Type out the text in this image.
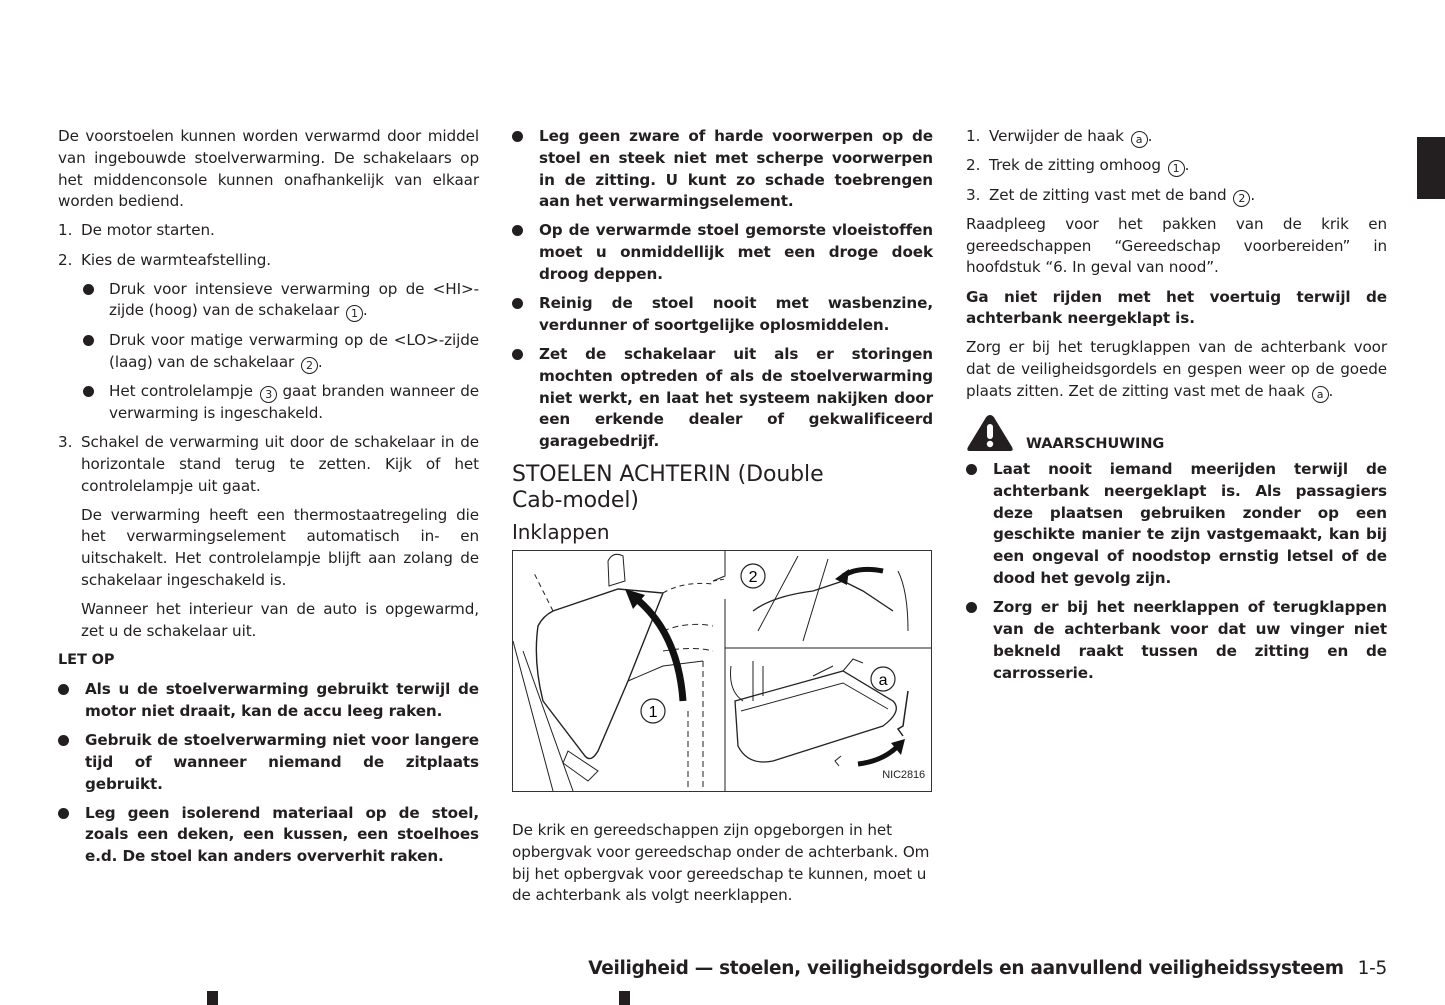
De voorstoelen kunnen worden verwarmd door middel van ingebouwde stoelverwarming. De schakelaars op het middenconsole kunnen onafhankelijk van elkaar worden bediend.

1. De motor starten.
2. Kies de warmteafstelling.
Druk voor intensieve verwarming op de <HI>-zijde (hoog) van de schakelaar 1 .
Druk voor matige verwarming op de <LO>-zijde (laag) van de schakelaar 2 .
Het controlelampje 3 gaat branden wanneer de verwarming is ingeschakeld.
3. Schakel de verwarming uit door de schakelaar in de horizontale stand terug te zetten. Kijk of het controlelampje uit gaat.

De verwarming heeft een thermostaatregeling die het verwarmingselement automatisch in- en uitschakelt. Het controlelampje blijft aan zolang de schakelaar ingeschakeld is.

Wanneer het interieur van de auto is opgewarmd, zet u de schakelaar uit.

LET OP

Als u de stoelverwarming gebruikt terwijl de motor niet draait, kan de accu leeg raken.
Gebruik de stoelverwarming niet voor langere tijd of wanneer niemand de zitplaats gebruikt.
Leg geen isolerend materiaal op de stoel, zoals een deken, een kussen, een stoelhoes e.d. De stoel kan anders oververhit raken.
Leg geen zware of harde voorwerpen op de stoel en steek niet met scherpe voorwerpen in de zitting. U kunt zo schade toebrengen aan het verwarmingselement.
Op de verwarmde stoel gemorste vloeistoffen moet u onmiddellijk met een droge doek droog deppen.
Reinig de stoel nooit met wasbenzine, verdunner of soortgelijke oplosmiddelen.
Zet de schakelaar uit als er storingen mochten optreden of als de stoelverwarming niet werkt, en laat het systeem nakijken door een erkende dealer of gekwalificeerd garagebedrijf.
STOELEN ACHTERIN (Double Cab-model)
Inklappen
1
2
a
NIC2816

De krik en gereedschappen zijn opgeborgen in het opbergvak voor gereedschap onder de achterbank. Om bij het opbergvak voor gereedschap te kunnen, moet u de achterbank als volgt neerklappen.

1. Verwijder de haak a .
2. Trek de zitting omhoog 1 .
3. Zet de zitting vast met de band 2 .

Raadpleeg voor het pakken van de krik en gereedschappen “Gereedschap voorbereiden” in hoofdstuk “6. In geval van nood”.

Ga niet rijden met het voertuig terwijl de achterbank neergeklapt is.

Zorg er bij het terugklappen van de achterbank voor dat de veiligheidsgordels en gespen weer op de goede plaats zitten. Zet de zitting vast met de haak a .

WAARSCHUWING
Laat nooit iemand meerijden terwijl de achterbank neergeklapt is. Als passagiers deze plaatsen gebruiken zonder op een geschikte manier te zijn vastgemaakt, kan bij een ongeval of noodstop ernstig letsel of de dood het gevolg zijn.
Zorg er bij het neerklappen of terugklappen van de achterbank voor dat uw vinger niet bekneld raakt tussen de zitting en de carrosserie.
Veiligheid — stoelen, veiligheidsgordels en aanvullend veiligheidssysteem 1-5
